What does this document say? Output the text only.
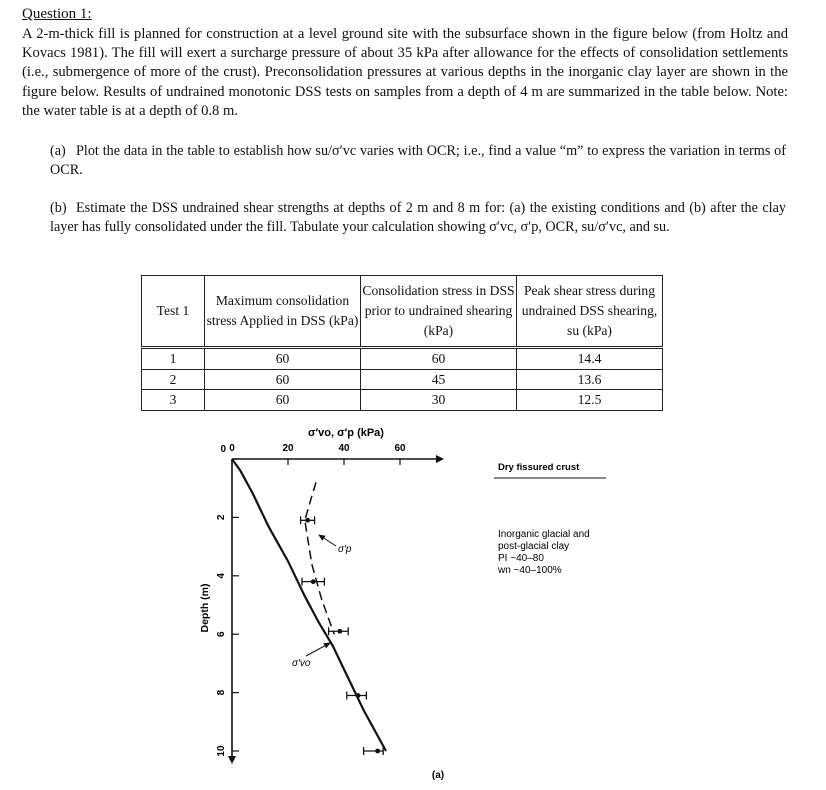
Question 1:
A 2-m-thick fill is planned for construction at a level ground site with the subsurface shown in the figure below (from Holtz and Kovacs 1981). The fill will exert a surcharge pressure of about 35 kPa after allowance for the effects of consolidation settlements (i.e., submergence of more of the crust). Preconsolidation pressures at various depths in the inorganic clay layer are shown in the figure below. Results of undrained monotonic DSS tests on samples from a depth of 4 m are summarized in the table below. Note: the water table is at a depth of 0.8 m.
(a) Plot the data in the table to establish how su/σ′vc varies with OCR; i.e., find a value “m” to express the variation in terms of OCR.
(b) Estimate the DSS undrained shear strengths at depths of 2 m and 8 m for: (a) the existing conditions and (b) after the clay layer has fully consolidated under the fill. Tabulate your calculation showing σ′vc, σ′p, OCR, su/σ′vc, and su.
Test 1	Maximum consolidation stress Applied in DSS (kPa)	Consolidation stress in DSS prior to undrained shearing (kPa)	Peak shear stress during undrained DSS shearing, su (kPa)
1	60	60	14.4
2	60	45	13.6
3	60	30	12.5
0	20	40	60
2
4
6
8
10
0
σ′vo, σ′p (kPa)
Depth (m)
Dry fissured crust
Inorganic glacial and
post-glacial clay
PI ~40–80
wn ~40–100%
σ′p
σ′vo
(a)
